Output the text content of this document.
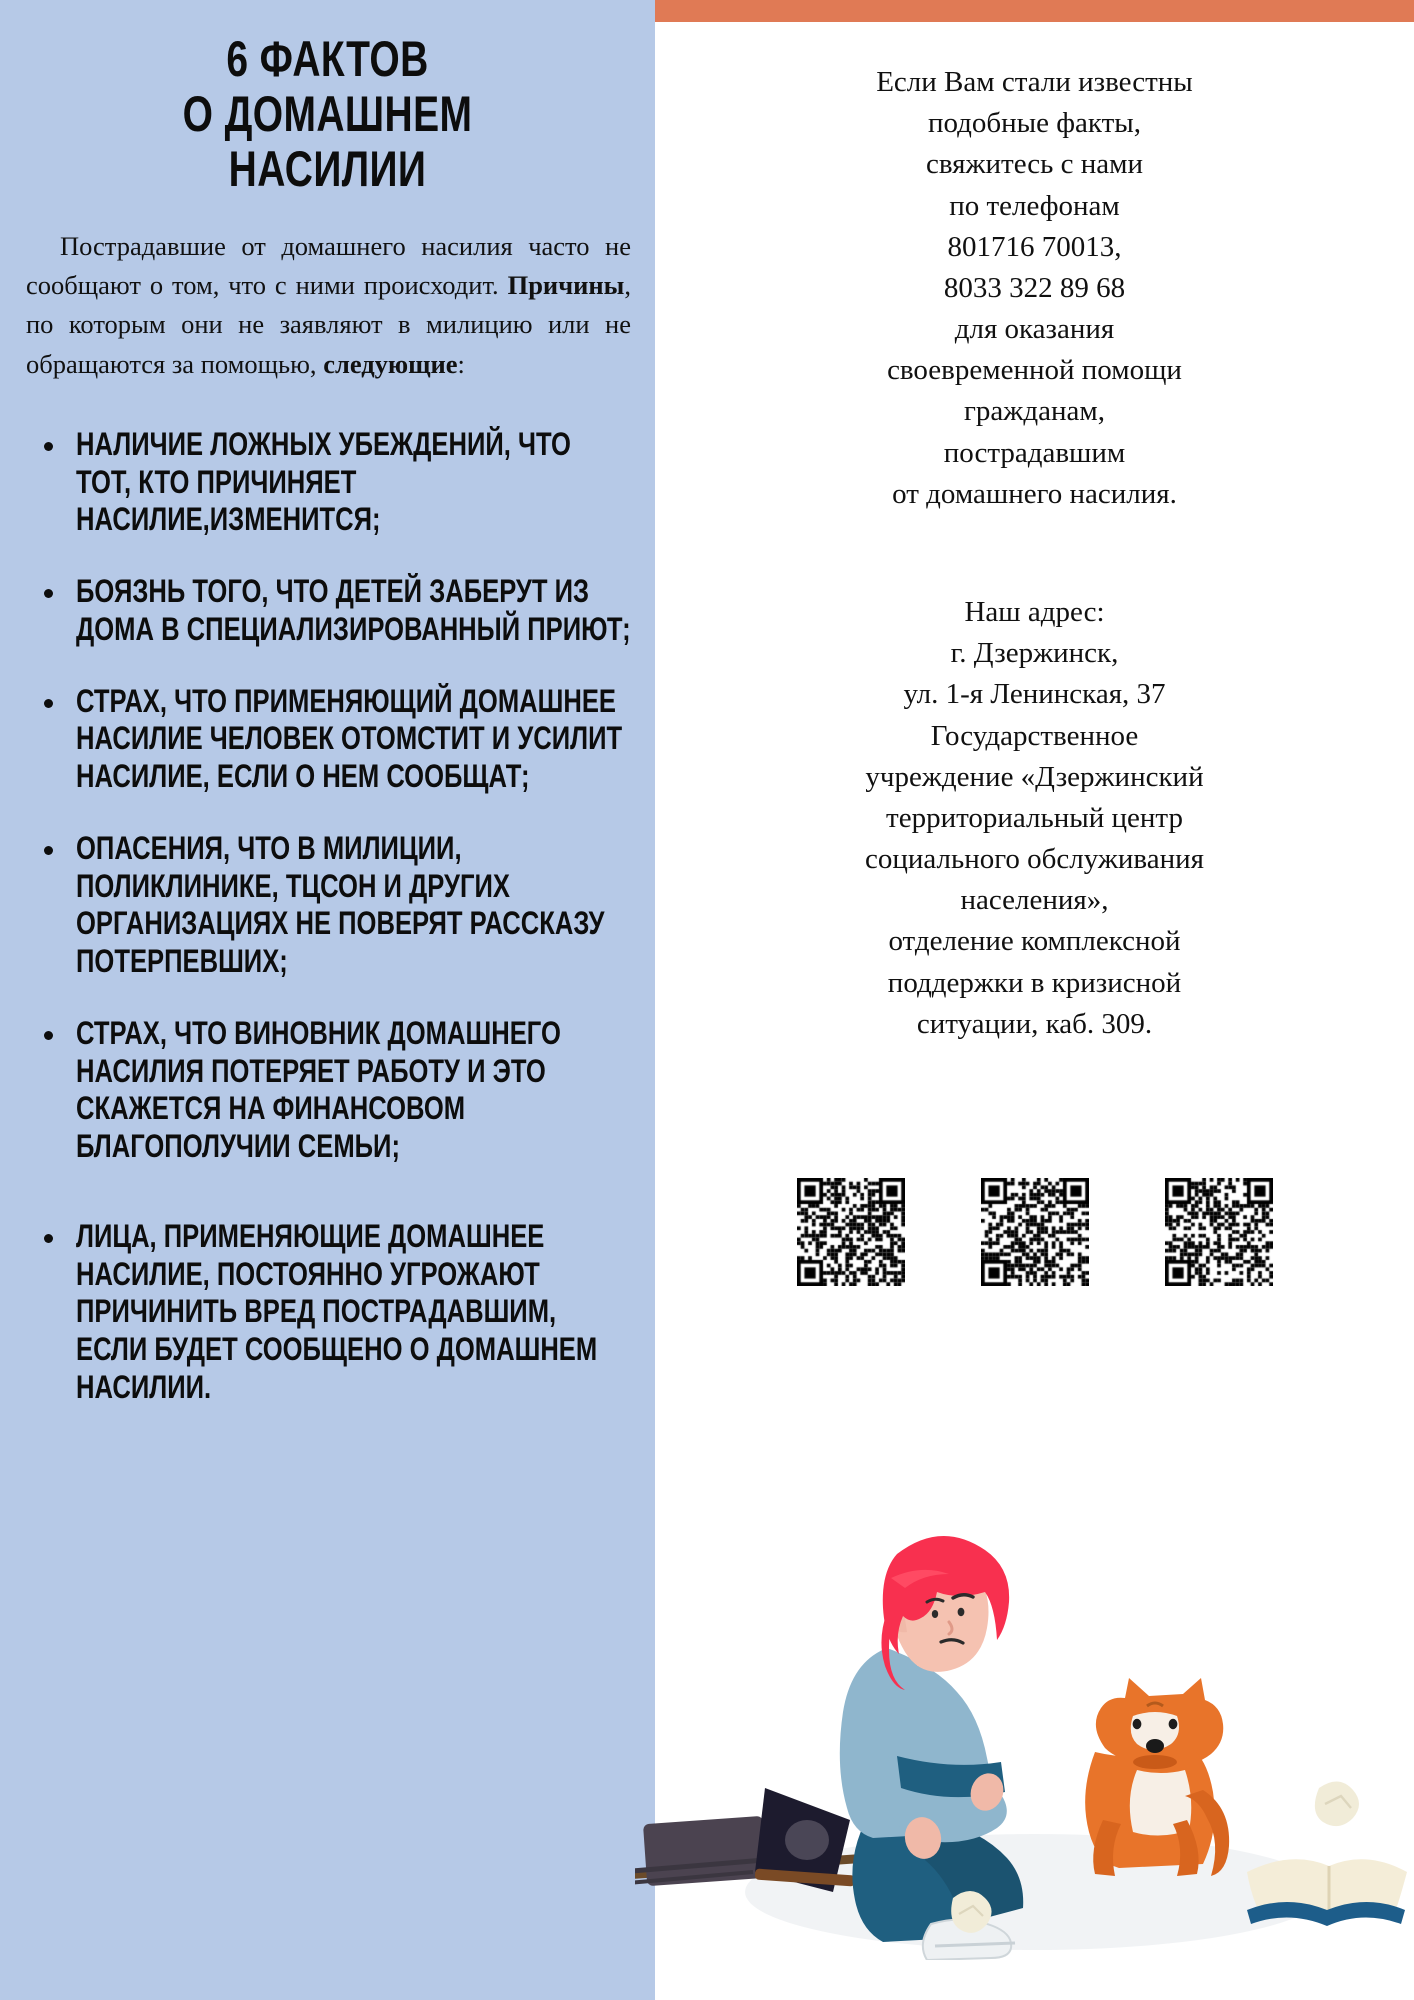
6 ФАКТОВ
О ДОМАШНЕМ НАСИЛИИ

Пострадавшие от домашнего насилия часто не сообщают о том, что с ними происходит. Причины, по которым они не заявляют в милицию или не обращаются за помощью, следующие:

НАЛИЧИЕ ЛОЖНЫХ УБЕЖДЕНИЙ, ЧТО ТОТ, КТО ПРИЧИНЯЕТ НАСИЛИЕ,ИЗМЕНИТСЯ;
БОЯЗНЬ ТОГО, ЧТО ДЕТЕЙ ЗАБЕРУТ ИЗ ДОМА В СПЕЦИАЛИЗИРОВАННЫЙ ПРИЮТ;
СТРАХ, ЧТО ПРИМЕНЯЮЩИЙ ДОМАШНЕЕ НАСИЛИЕ ЧЕЛОВЕК ОТОМСТИТ И УСИЛИТ НАСИЛИЕ, ЕСЛИ О НЕМ СООБЩАТ;
ОПАСЕНИЯ, ЧТО В МИЛИЦИИ, ПОЛИКЛИНИКЕ, ТЦСОН И ДРУГИХ ОРГАНИЗАЦИЯХ НЕ ПОВЕРЯТ РАССКАЗУ ПОТЕРПЕВШИХ;
СТРАХ, ЧТО ВИНОВНИК ДОМАШНЕГО НАСИЛИЯ ПОТЕРЯЕТ РАБОТУ И ЭТО СКАЖЕТСЯ НА ФИНАНСОВОМ БЛАГОПОЛУЧИИ СЕМЬИ;
ЛИЦА, ПРИМЕНЯЮЩИЕ ДОМАШНЕЕ НАСИЛИЕ, ПОСТОЯННО УГРОЖАЮТ ПРИЧИНИТЬ ВРЕД ПОСТРАДАВШИМ, ЕСЛИ БУДЕТ СООБЩЕНО О ДОМАШНЕМ НАСИЛИИ.
Если Вам стали известны
подобные факты,
свяжитесь с нами
по телефонам
801716 70013,
8033 322 89 68
для оказания
своевременной помощи
гражданам,
пострадавшим
от домашнего насилия.
Наш адрес:
г. Дзержинск,
ул. 1-я Ленинская, 37
Государственное
учреждение «Дзержинский
территориальный центр
социального обслуживания
населения»,
отделение комплексной
поддержки в кризисной
ситуации, каб. 309.
